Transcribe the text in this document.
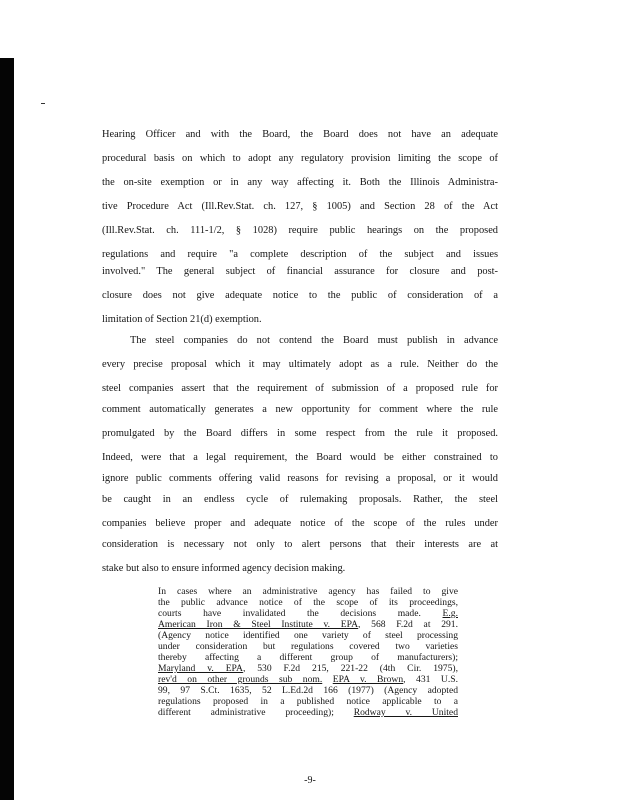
Hearing Officer and with the Board, the Board does not have an adequate
procedural basis on which to adopt any regulatory provision limiting the scope of
the on-site exemption or in any way affecting it. Both the Illinois Administra-
tive Procedure Act (Ill.Rev.Stat. ch. 127, § 1005) and Section 28 of the Act
(Ill.Rev.Stat. ch. 111-1/2, § 1028) require public hearings on the proposed
regulations and require "a complete description of the subject and issues
involved." The general subject of financial assurance for closure and post-
closure does not give adequate notice to the public of consideration of a
limitation of Section 21(d) exemption.
The steel companies do not contend the Board must publish in advance
every precise proposal which it may ultimately adopt as a rule. Neither do the
steel companies assert that the requirement of submission of a proposed rule for
comment automatically generates a new opportunity for comment where the rule
promulgated by the Board differs in some respect from the rule it proposed.
Indeed, were that a legal requirement, the Board would be either constrained to
ignore public comments offering valid reasons for revising a proposal, or it would
be caught in an endless cycle of rulemaking proposals. Rather, the steel
companies believe proper and adequate notice of the scope of the rules under
consideration is necessary not only to alert persons that their interests are at
stake but also to ensure informed agency decision making.
In cases where an administrative agency has failed to give
the public advance notice of the scope of its proceedings,
courts have invalidated the decisions made. E.g.
American Iron & Steel Institute v. EPA, 568 F.2d at 291.
(Agency notice identified one variety of steel processing
under consideration but regulations covered two varieties
thereby affecting a different group of manufacturers);
Maryland v. EPA, 530 F.2d 215, 221-22 (4th Cir. 1975),
rev'd on other grounds sub nom. EPA v. Brown, 431 U.S.
99, 97 S.Ct. 1635, 52 L.Ed.2d 166 (1977) (Agency adopted
regulations proposed in a published notice applicable to a
different administrative proceeding); Rodway v. United
-9-
